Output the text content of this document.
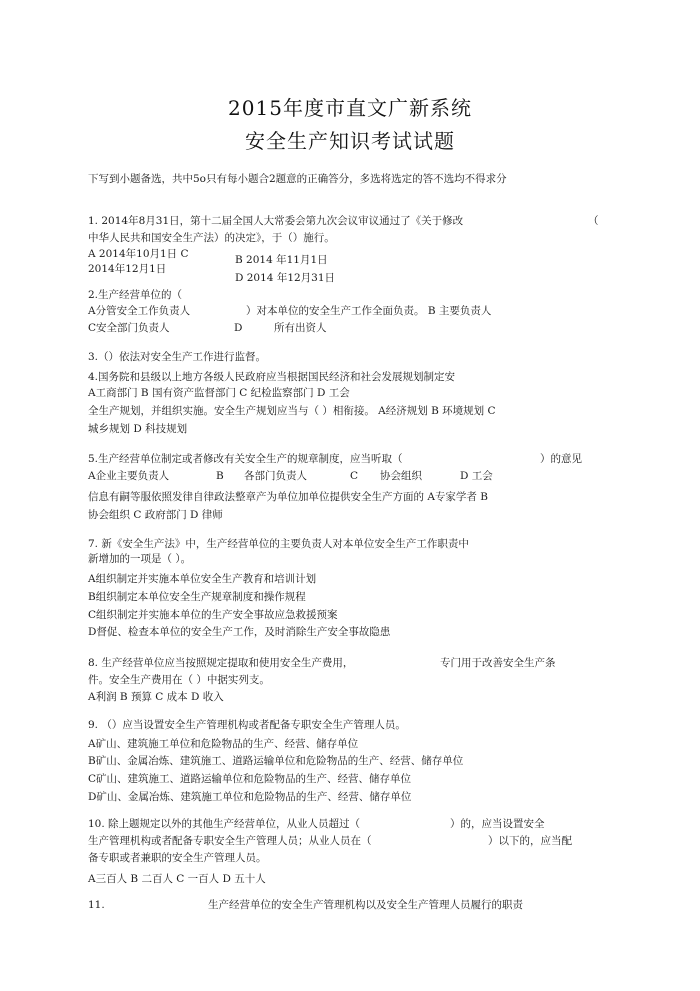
2015年度市直文广新系统
安全生产知识考试试题
下写到小题备选，共中5o只有每小题合2题意的正确答分，多选将选定的答不选均不得求分
1. 2014年8月31日，第十二届全国人大常委会第九次会议审议通过了《关于修改	（
中华人民共和国安全生产法）的决定》，于（）施行。
A 2014年10月1日 C	B 2014 年11月1日
2014年12月1日
D 2014 年12月31日
2.生产经营单位的（
A分管安全工作负责人	）对本单位的安全生产工作全面负责。 B 主要负责人
C安全部门负责人	D	所有出资人
3.（）依法对安全生产工作进行监督。
4.国务院和县级以上地方各级人民政府应当根据国民经济和社会发展规划制定安
A工商部门 B 国有资产监督部门 C 纪检监察部门 D 工会
全生产规划，并组织实施。安全生产规划应当与（ ）相衔接。 A经济规划 B 环境规划 C
城乡规划 D 科技规划
5.生产经营单位制定或者修改有关安全生产的规章制度，应当听取（	）的意见
A企业主要负责人	B 各部门负责人	C 协会组织	D 工会
信息有嗣等服依照发律自律政法整章产为单位加单位提供安全生产方面的 A专家学者 B
协会组织 C 政府部门 D 律师
7. 新《安全生产法》中，生产经营单位的主要负责人对本单位安全生产工作职责中
新增加的一项是（ ）。
A组织制定并实施本单位安全生产教育和培训计划
B组织制定本单位安全生产规章制度和操作规程
C组织制定并实施本单位的生产安全事故应急救援预案
D督促、检查本单位的安全生产工作，及时消除生产安全事故隐患
8. 生产经营单位应当按照规定提取和使用安全生产费用，	专门用于改善安全生产条
件。安全生产费用在（ ）中据实列支。
A利润 B 预算 C 成本 D 收入
9. （）应当设置安全生产管理机构或者配备专职安全生产管理人员。
A矿山、建筑施工单位和危险物品的生产、经营、储存单位
B矿山、金属冶炼、建筑施工、道路运输单位和危险物品的生产、经营、储存单位
C矿山、建筑施工、道路运输单位和危险物品的生产、经营、储存单位
D矿山、金属冶炼、建筑施工单位和危险物品的生产、经营、储存单位
10. 除上题规定以外的其他生产经营单位，从业人员超过（	）的，应当设置安全
生产管理机构或者配备专职安全生产管理人员；从业人员在（	）以下的，应当配
备专职或者兼职的安全生产管理人员。
A三百人 B 二百人 C 一百人 D 五十人
11.	生产经营单位的安全生产管理机构以及安全生产管理人员履行的职责
